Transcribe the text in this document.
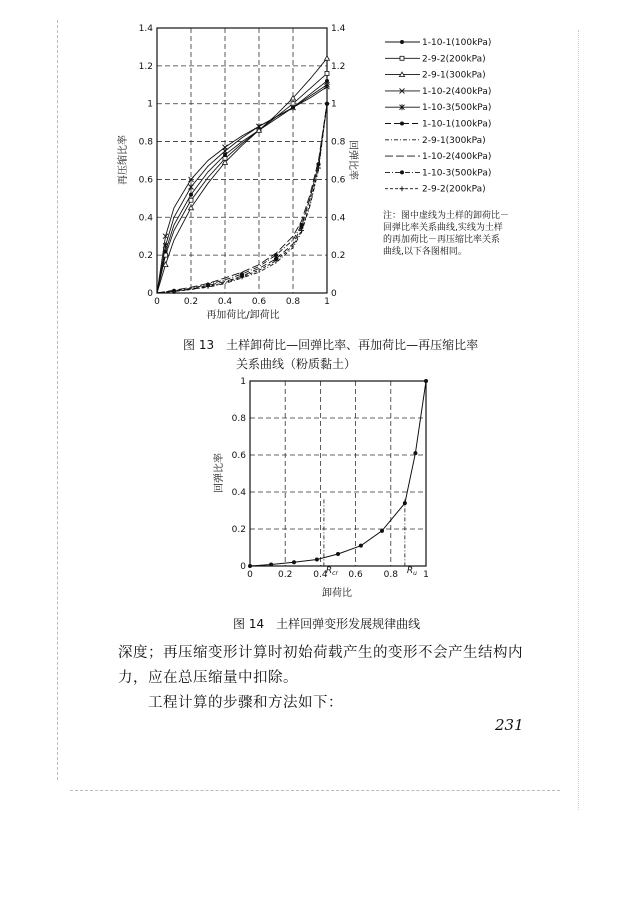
0	0.2 0.4 0.6 0.8	1
0	0
0.2	0.2
0.4	0.4
0.6	0.6
0.8	0.8
1	1
1.2	1.2
1.4	1.4
再加荷比/卸荷比
再压缩比率	回弹比率
1-10-1(100kPa)
2-9-2(200kPa)
2-9-1(300kPa)
1-10-2(400kPa)
1-10-3(500kPa)
1-10-1(100kPa)
2-9-1(300kPa)
1-10-2(400kPa)
1-10-3(500kPa)
2-9-2(200kPa)
注：图中虚线为土样的卸荷比－
回弹比率关系曲线,实线为土样
的再加荷比－再压缩比率关系
曲线,以下各图相同。
图 13　土样卸荷比—回弹比率、再加荷比—再压缩比率
关系曲线（粉质黏土）
0	0.2 0.4 0.6 0.8	1
0
0.2
0.4
0.6
0.8
1
$R_{cr}$	$R_u$
回弹比率
卸荷比
图 14　土样回弹变形发展规律曲线
深度；再压缩变形计算时初始荷载产生的变形不会产生结构内
力，应在总压缩量中扣除。
工程计算的步骤和方法如下：
231
